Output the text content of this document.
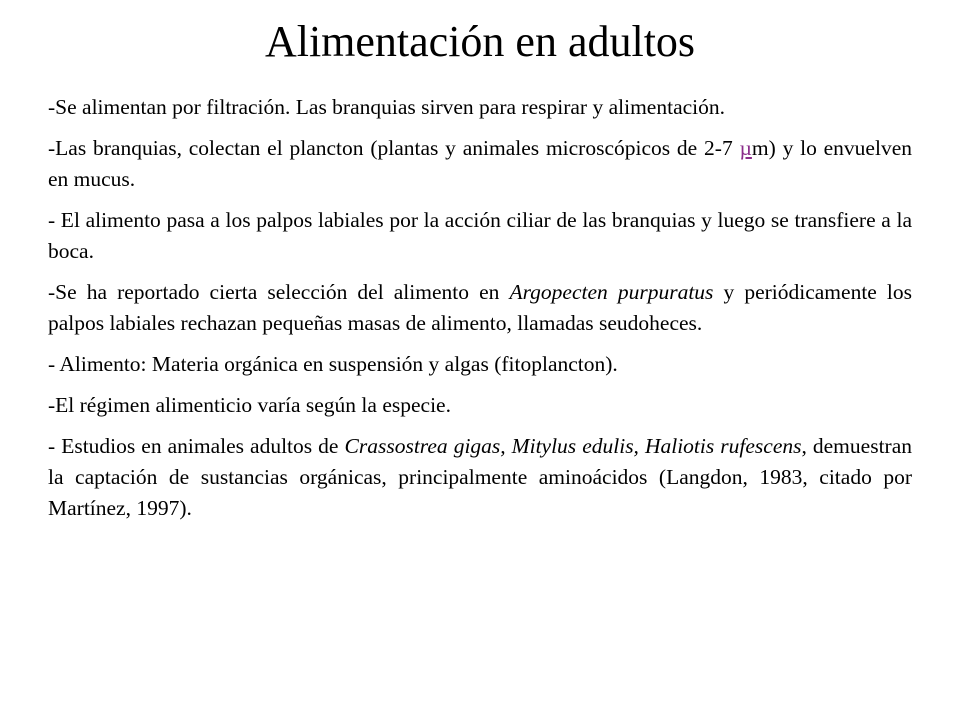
Alimentación en adultos

-Se alimentan por filtración. Las branquias sirven para respirar y alimentación.

-Las branquias, colectan el plancton (plantas y animales microscópicos de 2-7 µm) y lo envuelven en mucus.

- El alimento pasa a los palpos labiales por la acción ciliar de las branquias y luego se transfiere a la boca.

-Se ha reportado cierta selección del alimento en Argopecten purpuratus y periódicamente los palpos labiales rechazan pequeñas masas de alimento, llamadas seudoheces.

- Alimento: Materia orgánica en suspensión y algas (fitoplancton).

-El régimen alimenticio varía según la especie.

- Estudios en animales adultos de Crassostrea gigas, Mitylus edulis, Haliotis rufescens, demuestran la captación de sustancias orgánicas, principalmente aminoácidos (Langdon, 1983, citado por Martínez, 1997).
